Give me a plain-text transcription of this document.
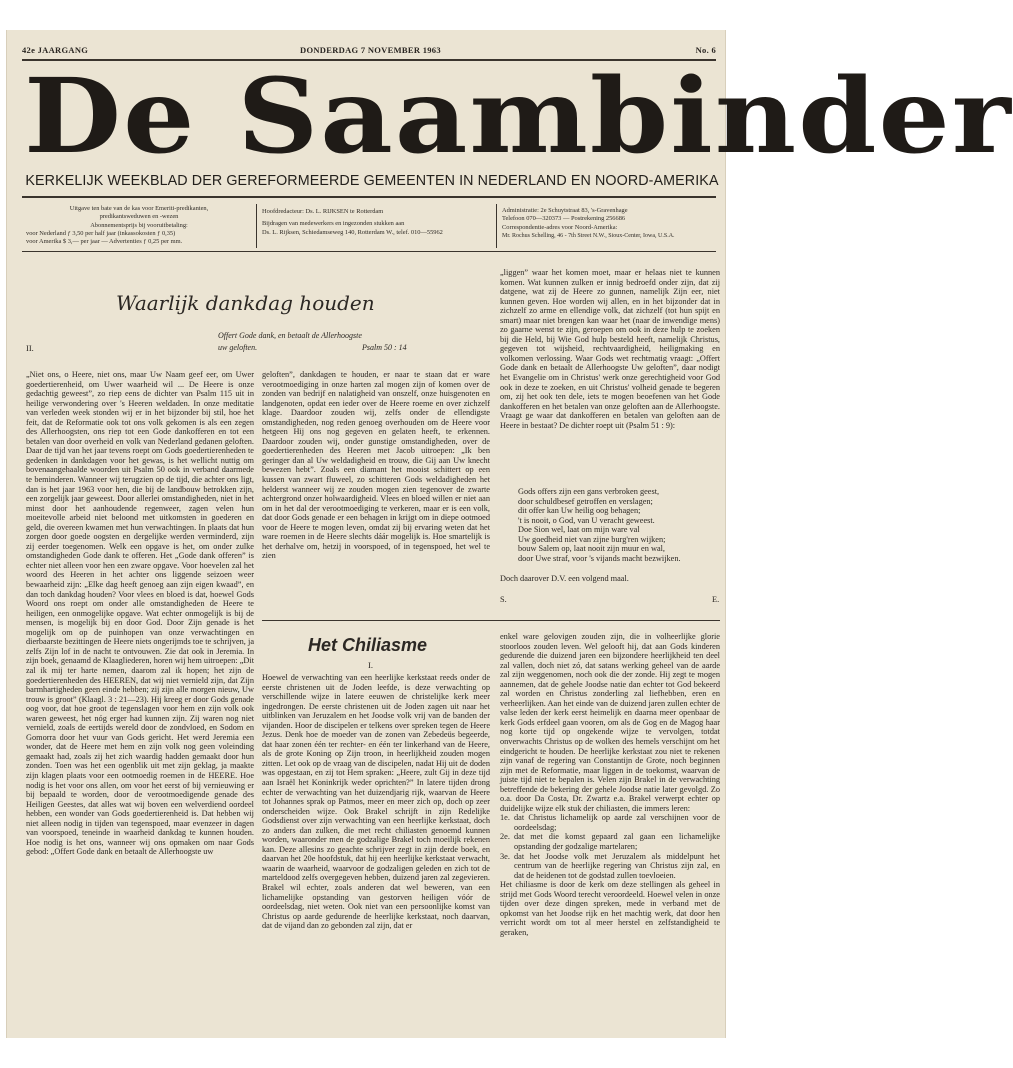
42e JAARGANG	DONDERDAG 7 NOVEMBER 1963	No. 6
De Saambinder
KERKELIJK WEEKBLAD DER GEREFORMEERDE GEMEENTEN IN NEDERLAND EN NOORD-AMERIKA
Uitgave ten bate van de kas voor Emeriti-predikanten,
predikantsweduwen en -wezen
Abonnementsprijs bij vooruitbetaling:
voor Nederland ƒ 3,50 per half jaar (inkassokosten ƒ 0,35)
voor Amerika $ 3,— per jaar — Advertenties ƒ 0,25 per mm.
Hoofdredacteur: Ds. L. RIJKSEN te Rotterdam
Bijdragen van medewerkers en ingezonden stukken aan
Ds. L. Rijksen, Schiedamseweg 140, Rotterdam W., telef. 010—55962
Administratie: 2e Schuytstraat 83, 's-Gravenhage
Telefoon 070—320373 — Postrekening 256686
Correspondentie-adres voor Noord-Amerika:
Mr. Rochus Schelling, 46 - 7th Street N.W., Sioux-Center, Iowa, U.S.A.
Waarlijk dankdag houden
II.
Offert Gode dank, en betaalt de Allerhoogste
uw geloften.	Psalm 50 : 14

„Niet ons, o Heere, niet ons, maar Uw Naam geef eer, om Uwer goedertierenheid, om Uwer waarheid wil ... De Heere is onze gedachtig geweest”, zo riep eens de dichter van Psalm 115 uit in heilige verwondering over 's Heeren weldaden. In onze meditatie van verleden week stonden wij er in het bijzonder bij stil, hoe het feit, dat de Reformatie ook tot ons volk gekomen is als een zegen des Allerhoogsten, ons riep tot een Gode dankofferen en tot een betalen van door overheid en volk van Nederland gedanen geloften. Daar de tijd van het jaar tevens roept om Gods goedertierenheden te gedenken in dankdagen voor het gewas, is het wellicht nuttig om bovenaangehaalde woorden uit Psalm 50 ook in verband daarmede te beminderen. Wanneer wij terugzien op de tijd, die achter ons ligt, dan is het jaar 1963 voor hen, die bij de landbouw betrokken zijn, een zorgelijk jaar geweest. Door allerlei omstandigheden, niet in het minst door het aanhoudende regenweer, zagen velen hun moeitevolle arbeid niet beloond met uitkomsten in goederen en geld, die overeen kwamen met hun verwachtingen. In plaats dat hun zorgen door goede oogsten en dergelijke werden verminderd, zijn zij eerder toegenomen. Welk een opgave is het, om onder zulke omstandigheden Gode dank te offeren. Het „Gode dank offeren” is echter niet alleen voor hen een zware opgave. Voor hoevelen zal het woord des Heeren in het achter ons liggende seizoen weer bewaarheid zijn: „Elke dag heeft genoeg aan zijn eigen kwaad”, en dan toch dankdag houden? Voor vlees en bloed is dat, hoewel Gods Woord ons roept om onder alle omstandigheden de Heere te heiligen, een onmogelijke opgave. Wat echter onmogelijk is bij de mensen, is mogelijk bij en door God. Door Zijn genade is het mogelijk om op de puinhopen van onze verwachtingen en dierbaarste bezittingen de Heere niets ongerijmds toe te schrijven, ja zelfs Zijn lof in de nacht te ontvouwen. Zie dat ook in Jeremia. In zijn boek, genaamd de Klaagliederen, horen wij hem uitroepen: „Dit zal ik mij ter harte nemen, daarom zal ik hopen; het zijn de goedertierenheden des HEEREN, dat wij niet vernield zijn, dat Zijn barmhartigheden geen einde hebben; zij zijn alle morgen nieuw, Uw trouw is groot” (Klaagl. 3 : 21—23). Hij kreeg er door Gods genade oog voor, dat hoe groot de tegenslagen voor hem en zijn volk ook waren geweest, het nóg erger had kunnen zijn. Zij waren nog niet vernield, zoals de eertijds wereld door de zondvloed, en Sodom en Gomorra door het vuur van Gods gericht. Het werd Jeremia een wonder, dat de Heere met hem en zijn volk nog geen voleinding gemaakt had, zoals zij het zich waardig hadden gemaakt door hun zonden. Toen was het een ogenblik uit met zijn geklag, ja maakte zijn klagen plaats voor een ootmoedig roemen in de HEERE. Hoe nodig is het voor ons allen, om voor het eerst of bij vernieuwing er bij bepaald te worden, door de verootmoedigende genade des Heiligen Geestes, dat alles wat wij boven een welverdiend oordeel hebben, een wonder van Gods goedertierenheid is. Dat hebben wij niet alleen nodig in tijden van tegenspoed, maar evenzeer in dagen van voorspoed, teneinde in waarheid dankdag te kunnen houden. Hoe nodig is het ons, wanneer wij ons opmaken om naar Gods gebod: „Offert Gode dank en betaalt de Allerhoogste uw

geloften”, dankdagen te houden, er naar te staan dat er ware verootmoediging in onze harten zal mogen zijn of komen over de zonden van bedrijf en nalatigheid van onszelf, onze huisgenoten en landgenoten, opdat een ieder over de Heere roeme en over zichzelf klage. Daardoor zouden wij, zelfs onder de ellendigste omstandigheden, nog reden genoeg overhouden om de Heere voor hetgeen Hij ons nog gegeven en gelaten heeft, te erkennen. Daardoor zouden wij, onder gunstige omstandigheden, over de goedertierenheden des Heeren met Jacob uitroepen: „Ik ben geringer dan al Uw weldadigheid en trouw, die Gij aan Uw knecht bewezen hebt”. Zoals een diamant het mooist schittert op een kussen van zwart fluweel, zo schitteren Gods weldadigheden het helderst wanneer wij ze zouden mogen zien tegenover de zwarte achtergrond onzer holwaardigheid. Vlees en bloed willen er niet aan om in het dal der verootmoediging te verkeren, maar er is een volk, dat door Gods genade er een behagen in krijgt om in diepe ootmoed voor de Heere te mogen leven, omdat zij bij ervaring weten dat het ware roemen in de Heere slechts dáár mogelijk is. Hoe smartelijk is het derhalve om, hetzij in voorspoed, of in tegenspoed, het wel te zien

„liggen” waar het komen moet, maar er helaas niet te kunnen komen. Wat kunnen zulken er innig bedroefd onder zijn, dat zij datgene, wat zij de Heere zo gunnen, namelijk Zijn eer, niet kunnen geven. Hoe worden wij allen, en in het bijzonder dat in zichzelf zo arme en ellendige volk, dat zichzelf (tot hun spijt en smart) maar niet brengen kan waar het (naar de inwendige mens) zo gaarne wenst te zijn, geroepen om ook in deze hulp te zoeken bij die Held, bij Wie God hulp besteld heeft, namelijk Christus, gegeven tot wijsheid, rechtvaardigheid, heiligmaking en volkomen verlossing. Waar Gods wet rechtmatig vraagt: „Offert Gode dank en betaalt de Allerhoogste Uw geloften”, daar nodigt het Evangelie om in Christus' werk onze gerechtigheid voor God ook in deze te zoeken, en uit Christus' volheid genade te begeren om, zij het ook ten dele, iets te mogen beoefenen van het Gode dankofferen en het betalen van onze geloften aan de Allerhoogste. Vraagt ge waar dat dankofferen en betalen van geloften aan de Heere in bestaat? De dichter roept uit (Psalm 51 : 9):

Gods offers zijn een gans verbroken geest,
door schuldbesef getroffen en verslagen;
dit offer kan Uw heilig oog behagen;
't is nooit, o God, van U veracht geweest.
Doe Sion wel, laat om mijn ware val
Uw goedheid niet van zijne burg'ren wijken;
bouw Salem op, laat nooit zijn muur en wal,
door Uwe straf, voor 's vijands macht bezwijken.
Doch daarover D.V. een volgend maal.
S.	E.
Het Chiliasme
I.

Hoewel de verwachting van een heerlijke kerkstaat reeds onder de eerste christenen uit de Joden leefde, is deze verwachting op verschillende wijze in latere eeuwen de christelijke kerk meer ingedrongen. De eerste christenen uit de Joden zagen uit naar het uitblinken van Jeruzalem en het Joodse volk vrij van de banden der vijanden. Hoor de discipelen er telkens over spreken tegen de Heere Jezus. Denk hoe de moeder van de zonen van Zebedeüs begeerde, dat haar zonen één ter rechter- en één ter linkerhand van de Heere, als de grote Koning op Zijn troon, in heerlijkheid zouden mogen zitten. Let ook op de vraag van de discipelen, nadat Hij uit de doden was opgestaan, en zij tot Hem spraken: „Heere, zult Gij in deze tijd aan Israël het Koninkrijk weder oprichten?” In latere tijden drong echter de verwachting van het duizendjarig rijk, waarvan de Heere tot Johannes sprak op Patmos, meer en meer zich op, doch op zeer onderscheiden wijze. Ook Brakel schrijft in zijn Redelijke Godsdienst over zijn verwachting van een heerlijke kerkstaat, doch zo anders dan zulken, die met recht chiliasten genoemd kunnen worden, waaronder men de godzalige Brakel toch moeilijk rekenen kan. Deze allesins zo geachte schrijver zegt in zijn derde boek, en daarvan het 20e hoofdstuk, dat hij een heerlijke kerkstaat verwacht, waarin de waarheid, waarvoor de godzaligen geleden en zich tot de marteldood zelfs overgegeven hebben, duizend jaren zal zegevieren. Brakel wil echter, zoals anderen dat wel beweren, van een lichamelijke opstanding van gestorven heiligen vóór de oordeelsdag, niet weten. Ook niet van een persoonlijke komst van Christus op aarde gedurende de heerlijke kerkstaat, noch daarvan, dat de vijand dan zo gebonden zal zijn, dat er

enkel ware gelovigen zouden zijn, die in volheerlijke glorie stoorloos zouden leven. Wel gelooft hij, dat aan Gods kinderen gedurende die duizend jaren een bijzondere heerlijkheid ten deel zal vallen, doch niet zó, dat satans werking geheel van de aarde zal zijn weggenomen, noch ook die der zonde. Hij zegt te mogen aannemen, dat de gehele Joodse natie dan echter tot God bekeerd zal worden en Christus zonderling zal liefhebben, eren en verheerlijken. Aan het einde van de duizend jaren zullen echter de valse leden der kerk eerst heimelijk en daarna meer openbaar de kerk Gods erfdeel gaan vooren, om als de Gog en de Magog haar nog korte tijd op ongekende wijze te vervolgen, totdat onverwachts Christus op de wolken des hemels verschijnt om het eindgericht te houden. De heerlijke kerkstaat zou niet te rekenen zijn vanaf de regering van Constantijn de Grote, noch beginnen zijn met de Reformatie, maar liggen in de toekomst, waarvan de juiste tijd niet te bepalen is. Velen zijn Brakel in de verwachting betreffende de bekering der gehele Joodse natie later gevolgd. Zo o.a. door Da Costa, Dr. Zwartz e.a. Brakel verwerpt echter op duidelijke wijze elk stuk der chiliasten, die immers leren:

1e. dat Christus lichamelijk op aarde zal verschijnen voor de oordeelsdag;
2e. dat met die komst gepaard zal gaan een lichamelijke opstanding der godzalige martelaren;
3e. dat het Joodse volk met Jeruzalem als middelpunt het centrum van de heerlijke regering van Christus zijn zal, en dat de heidenen tot de godstad zullen toevloeien.

Het chiliasme is door de kerk om deze stellingen als geheel in strijd met Gods Woord terecht veroordeeld. Hoewel velen in onze tijden over deze dingen spreken, mede in verband met de opkomst van het Joodse rijk en het machtig werk, dat door hen verricht wordt om tot al meer herstel en zelfstandigheid te geraken,
